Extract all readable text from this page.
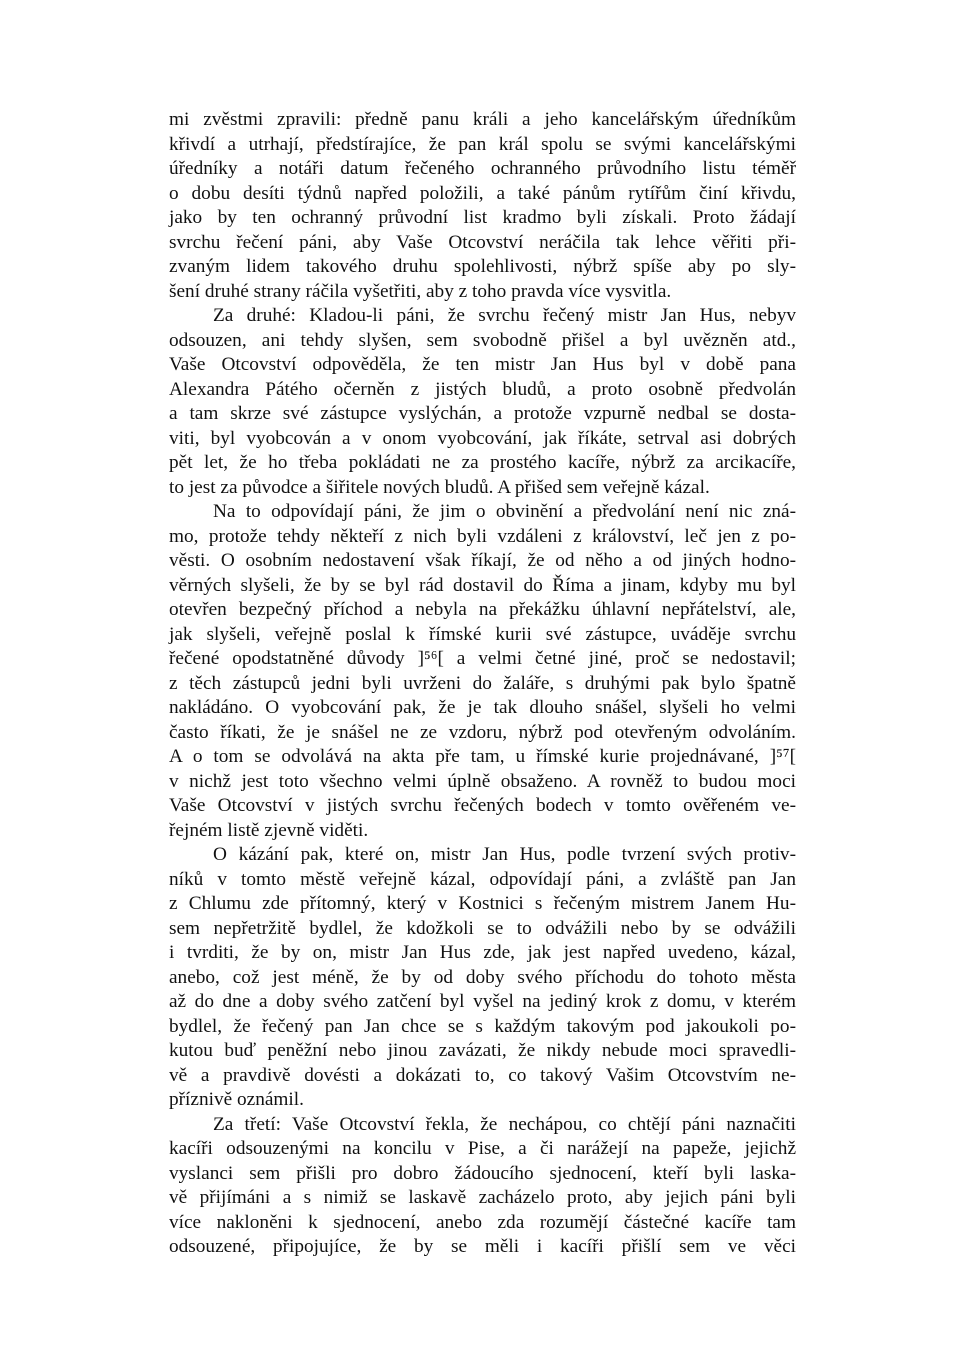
mi zvěstmi zpravili: předně panu králi a jeho kancelářským úředníkům
křivdí a utrhají, předstírajíce, že pan král spolu se svými kancelářskými
úředníky a notáři datum řečeného ochranného průvodního listu téměř
o dobu desíti týdnů napřed položili, a také pánům rytířům činí křivdu,
jako by ten ochranný průvodní list kradmo byli získali. Proto žádají
svrchu řečení páni, aby Vaše Otcovství neráčila tak lehce věřiti při-
zvaným lidem takového druhu spolehlivosti, nýbrž spíše aby po sly-
šení druhé strany ráčila vyšetřiti, aby z toho pravda více vysvitla.
Za druhé: Kladou-li páni, že svrchu řečený mistr Jan Hus, nebyv
odsouzen, ani tehdy slyšen, sem svobodně přišel a byl uvězněn atd.,
Vaše Otcovství odpověděla, že ten mistr Jan Hus byl v době pana
Alexandra Pátého očerněn z jistých bludů, a proto osobně předvolán
a tam skrze své zástupce vyslýchán, a protože vzpurně nedbal se dosta-
viti, byl vyobcován a v onom vyobcování, jak říkáte, setrval asi dobrých
pět let, že ho třeba pokládati ne za prostého kacíře, nýbrž za arcikacíře,
to jest za původce a šiřitele nových bludů. A přišed sem veřejně kázal.
Na to odpovídají páni, že jim o obvinění a předvolání není nic zná-
mo, protože tehdy někteří z nich byli vzdáleni z království, leč jen z po-
věsti. O osobním nedostavení však říkají, že od něho a od jiných hodno-
věrných slyšeli, že by se byl rád dostavil do Říma a jinam, kdyby mu byl
otevřen bezpečný příchod a nebyla na překážku úhlavní nepřátelství, ale,
jak slyšeli, veřejně poslal k římské kurii své zástupce, uváděje svrchu
řečené opodstatněné důvody ]⁵⁶[ a velmi četné jiné, proč se nedostavil;
z těch zástupců jedni byli uvrženi do žaláře, s druhými pak bylo špatně
nakládáno. O vyobcování pak, že je tak dlouho snášel, slyšeli ho velmi
často říkati, že je snášel ne ze vzdoru, nýbrž pod otevřeným odvoláním.
A o tom se odvolává na akta pře tam, u římské kurie projednávané, ]⁵⁷[
v nichž jest toto všechno velmi úplně obsaženo. A rovněž to budou moci
Vaše Otcovství v jistých svrchu řečených bodech v tomto ověřeném ve-
řejném listě zjevně viděti.
O kázání pak, které on, mistr Jan Hus, podle tvrzení svých protiv-
níků v tomto městě veřejně kázal, odpovídají páni, a zvláště pan Jan
z Chlumu zde přítomný, který v Kostnici s řečeným mistrem Janem Hu-
sem nepřetržitě bydlel, že kdožkoli se to odvážili nebo by se odvážili
i tvrditi, že by on, mistr Jan Hus zde, jak jest napřed uvedeno, kázal,
anebo, což jest méně, že by od doby svého příchodu do tohoto města
až do dne a doby svého zatčení byl vyšel na jediný krok z domu, v kterém
bydlel, že řečený pan Jan chce se s každým takovým pod jakoukoli po-
kutou buď peněžní nebo jinou zavázati, že nikdy nebude moci spravedli-
vě a pravdivě dovésti a dokázati to, co takový Vašim Otcovstvím ne-
příznivě oznámil.
Za třetí: Vaše Otcovství řekla, že nechápou, co chtějí páni naznačiti
kacíři odsouzenými na koncilu v Pise, a či narážejí na papeže, jejichž
vyslanci sem přišli pro dobro žádoucího sjednocení, kteří byli laska-
vě přijímáni a s nimiž se laskavě zacházelo proto, aby jejich páni byli
více nakloněni k sjednocení, anebo zda rozumějí částečné kacíře tam
odsouzené, připojujíce, že by se měli i kacíři přišlí sem ve věci
